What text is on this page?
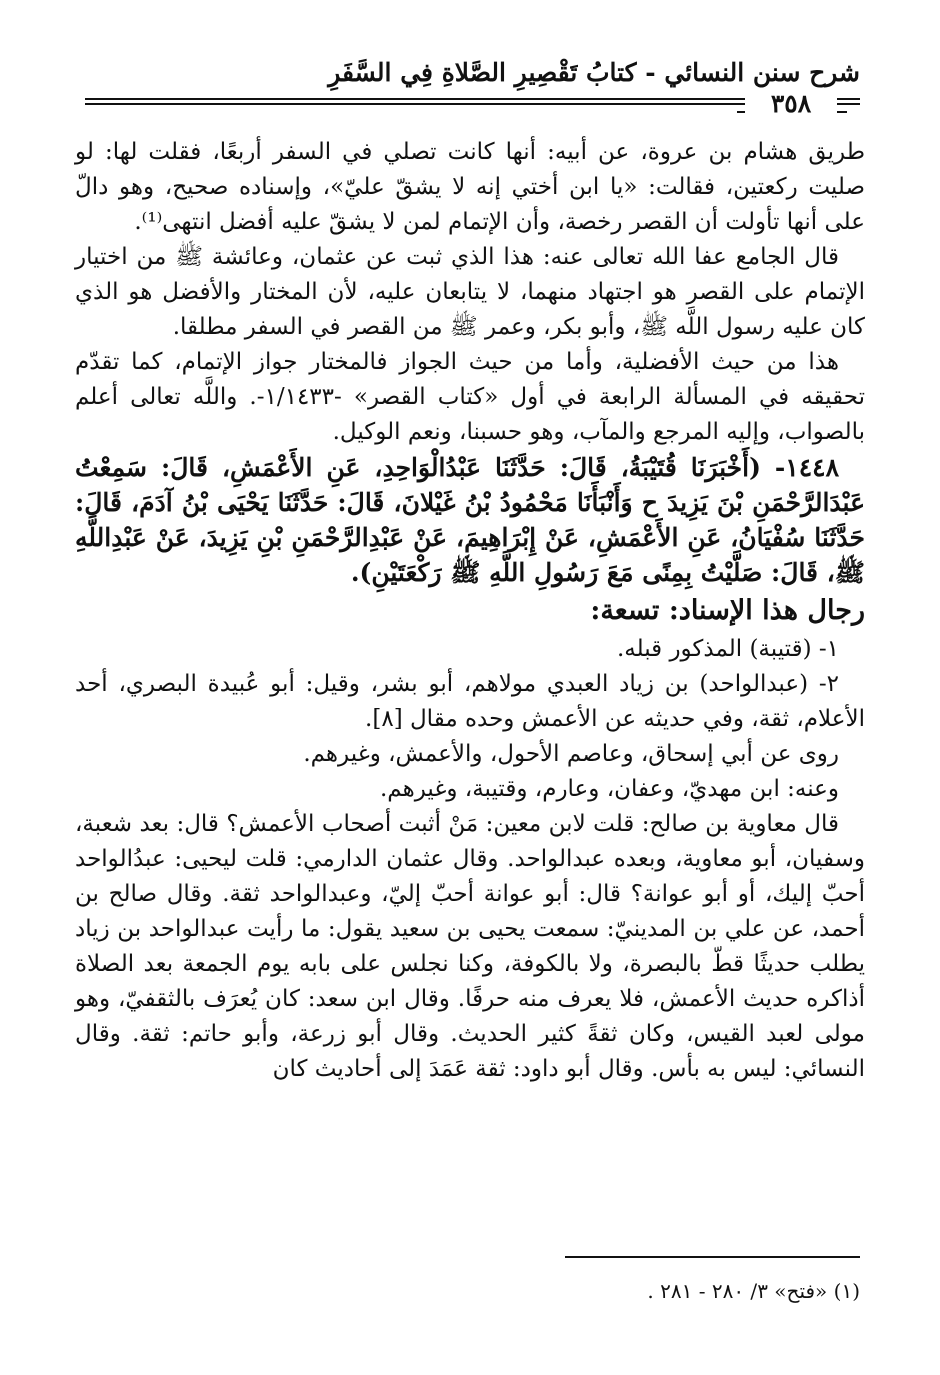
شرح سنن النسائي - كتابُ تَقْصِيرِ الصَّلاةِ فِي السَّفَرِ
٣٥٨

طريق هشام بن عروة، عن أبيه: أنها كانت تصلي في السفر أربعًا، فقلت لها: لو صليت ركعتين، فقالت: «يا ابن أختي إنه لا يشقّ عليّ»، وإسناده صحيح، وهو دالّ على أنها تأولت أن القصر رخصة، وأن الإتمام لمن لا يشقّ عليه أفضل انتهى⁽¹⁾.

قال الجامع عفا الله تعالى عنه: هذا الذي ثبت عن عثمان، وعائشة ﷺ من اختيار الإتمام على القصر هو اجتهاد منهما، لا يتابعان عليه، لأن المختار والأفضل هو الذي كان عليه رسول اللَّه ﷺ، وأبو بكر، وعمر ﷺ من القصر في السفر مطلقا.

هذا من حيث الأفضلية، وأما من حيث الجواز فالمختار جواز الإتمام، كما تقدّم تحقيقه في المسألة الرابعة في أول «كتاب القصر» -١/١٤٣٣-. واللَّه تعالى أعلم بالصواب، وإليه المرجع والمآب، وهو حسبنا، ونعم الوكيل.

١٤٤٨- (أَخْبَرَنَا قُتَيْبَةُ، قَالَ: حَدَّثَنَا عَبْدُالْوَاحِدِ، عَنِ الأَعْمَشِ، قَالَ: سَمِعْتُ عَبْدَالرَّحْمَنِ بْنَ يَزِيدَ ح وَأَنْبَأَنَا مَحْمُودُ بْنُ غَيْلانَ، قَالَ: حَدَّثَنَا يَحْيَى بْنُ آدَمَ، قَالَ: حَدَّثَنَا سُفْيَانُ، عَنِ الأَعْمَشِ، عَنْ إِبْرَاهِيمَ، عَنْ عَبْدِالرَّحْمَنِ بْنِ يَزِيدَ، عَنْ عَبْدِاللَّهِ ﷺ، قَالَ: صَلَّيْتُ بِمِنًى مَعَ رَسُولِ اللَّهِ ﷺ رَكْعَتَيْنِ).

رجال هذا الإسناد: تسعة:

١- (قتيبة) المذكور قبله.

٢- (عبدالواحد) بن زياد العبدي مولاهم، أبو بشر، وقيل: أبو عُبيدة البصري، أحد الأعلام، ثقة، وفي حديثه عن الأعمش وحده مقال [٨].

روى عن أبي إسحاق، وعاصم الأحول، والأعمش، وغيرهم.

وعنه: ابن مهديّ، وعفان، وعارم، وقتيبة، وغيرهم.

قال معاوية بن صالح: قلت لابن معين: مَنْ أثبت أصحاب الأعمش؟ قال: بعد شعبة، وسفيان، أبو معاوية، وبعده عبدالواحد. وقال عثمان الدارمي: قلت ليحيى: عبدُالواحد أحبّ إليك، أو أبو عوانة؟ قال: أبو عوانة أحبّ إليّ، وعبدالواحد ثقة. وقال صالح بن أحمد، عن علي بن المدينيّ: سمعت يحيى بن سعيد يقول: ما رأيت عبدالواحد بن زياد يطلب حديثًا قطّ بالبصرة، ولا بالكوفة، وكنا نجلس على بابه يوم الجمعة بعد الصلاة أذاكره حديث الأعمش، فلا يعرف منه حرفًا. وقال ابن سعد: كان يُعرَف بالثقفيّ، وهو مولى لعبد القيس، وكان ثقةً كثير الحديث. وقال أبو زرعة، وأبو حاتم: ثقة. وقال النسائي: ليس به بأس. وقال أبو داود: ثقة عَمَدَ إلى أحاديث كان

(١) «فتح» ٣/ ٢٨٠ - ٢٨١ .
